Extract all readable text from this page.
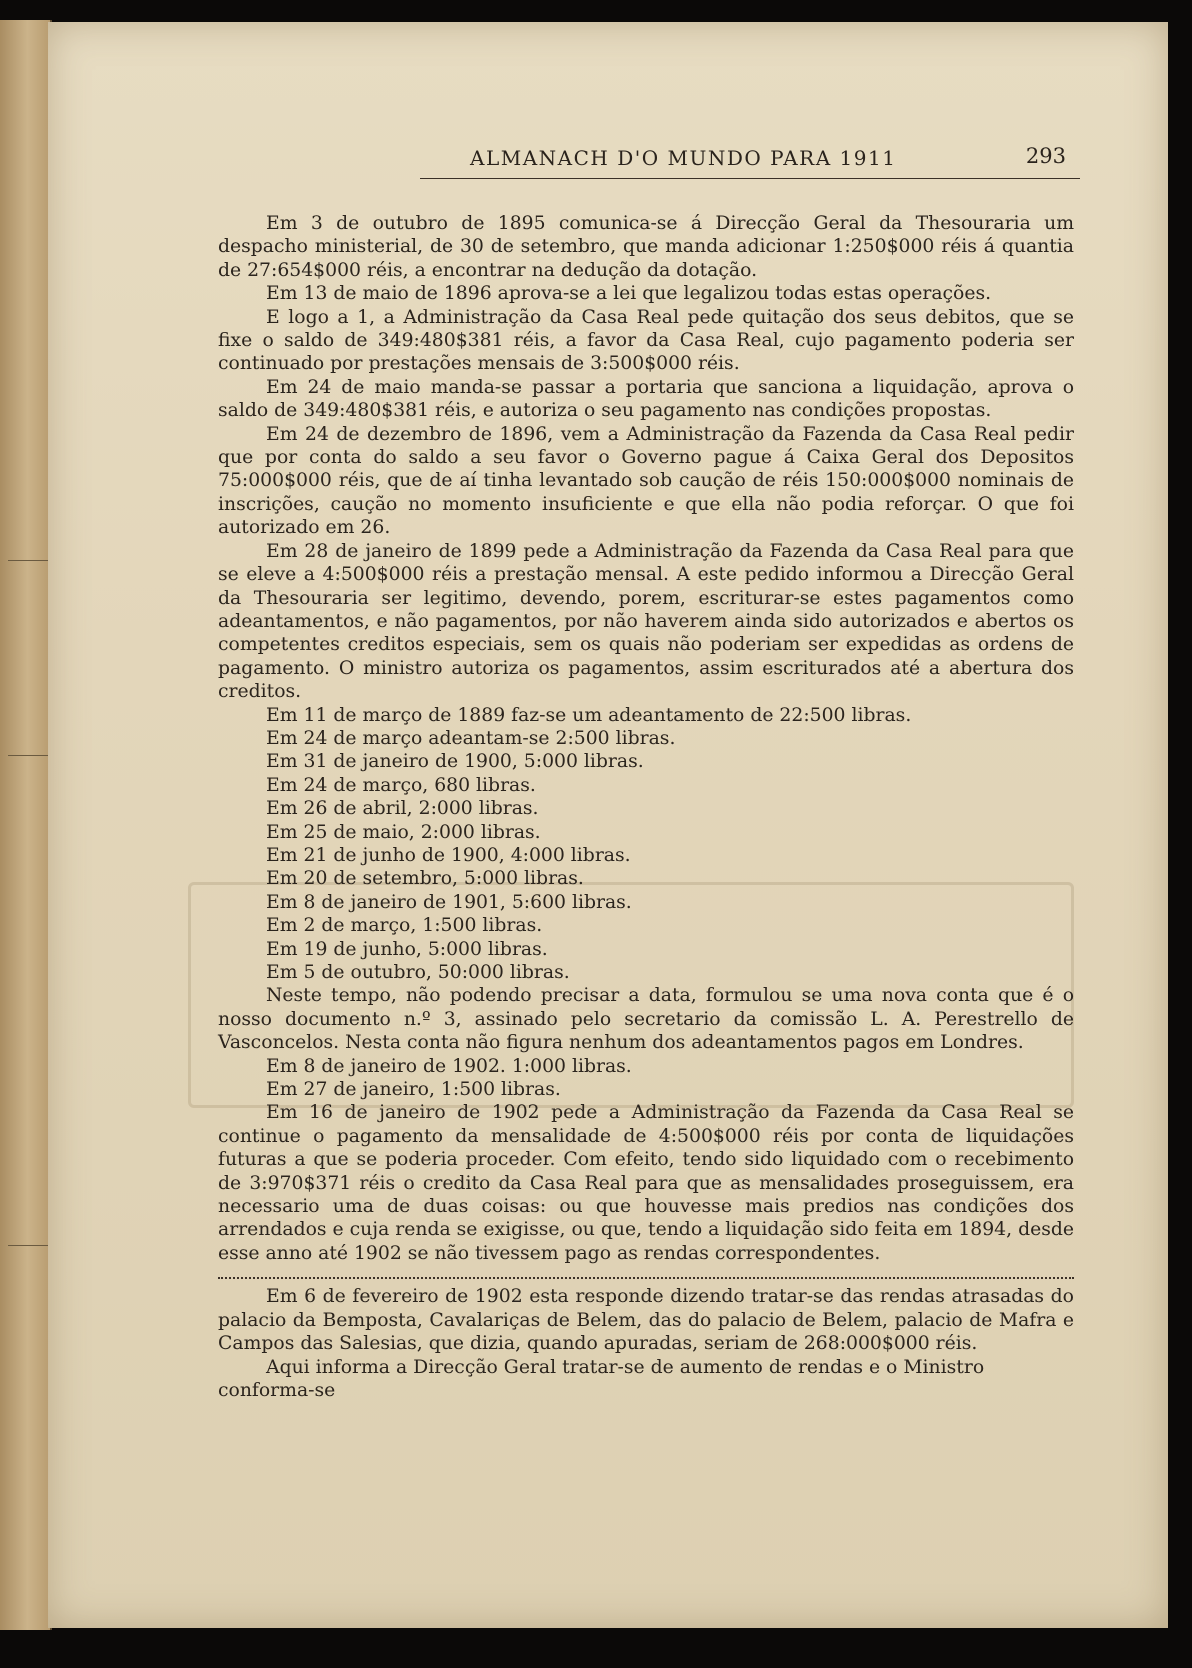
ALMANACH D'O MUNDO PARA 1911	293

Em 3 de outubro de 1895 comunica-se á Direcção Geral da Thesouraria um despacho ministerial, de 30 de setembro, que manda adicionar 1:250$000 réis á quantia de 27:654$000 réis, a encontrar na dedução da dotação.

Em 13 de maio de 1896 aprova-se a lei que legalizou todas estas operações.

E logo a 1, a Administração da Casa Real pede quitação dos seus debitos, que se fixe o saldo de 349:480$381 réis, a favor da Casa Real, cujo pagamento poderia ser continuado por prestações mensais de 3:500$000 réis.

Em 24 de maio manda-se passar a portaria que sanciona a liquidação, aprova o saldo de 349:480$381 réis, e autoriza o seu pagamento nas condições propostas.

Em 24 de dezembro de 1896, vem a Administração da Fazenda da Casa Real pedir que por conta do saldo a seu favor o Governo pague á Caixa Geral dos Depositos 75:000$000 réis, que de aí tinha levantado sob caução de réis 150:000$000 nominais de inscrições, caução no momento insuficiente e que ella não podia reforçar. O que foi autorizado em 26.

Em 28 de janeiro de 1899 pede a Administração da Fazenda da Casa Real para que se eleve a 4:500$000 réis a prestação mensal. A este pedido informou a Direcção Geral da Thesouraria ser legitimo, devendo, porem, escriturar-se estes pagamentos como adeantamentos, e não pagamentos, por não haverem ainda sido autorizados e abertos os competentes creditos especiais, sem os quais não poderiam ser expedidas as ordens de pagamento. O ministro autoriza os pagamentos, assim escriturados até a abertura dos creditos.

Em 11 de março de 1889 faz-se um adeantamento de 22:500 libras.

Em 24 de março adeantam-se 2:500 libras.

Em 31 de janeiro de 1900, 5:000 libras.

Em 24 de março, 680 libras.

Em 26 de abril, 2:000 libras.

Em 25 de maio, 2:000 libras.

Em 21 de junho de 1900, 4:000 libras.

Em 20 de setembro, 5:000 libras.

Em 8 de janeiro de 1901, 5:600 libras.

Em 2 de março, 1:500 libras.

Em 19 de junho, 5:000 libras.

Em 5 de outubro, 50:000 libras.

Neste tempo, não podendo precisar a data, formulou se uma nova conta que é o nosso documento n.º 3, assinado pelo secretario da comissão L. A. Perestrello de Vasconcelos. Nesta conta não figura nenhum dos adeantamentos pagos em Londres.

Em 8 de janeiro de 1902. 1:000 libras.

Em 27 de janeiro, 1:500 libras.

Em 16 de janeiro de 1902 pede a Administração da Fazenda da Casa Real se continue o pagamento da mensalidade de 4:500$000 réis por conta de liquidações futuras a que se poderia proceder. Com efeito, tendo sido liquidado com o recebimento de 3:970$371 réis o credito da Casa Real para que as mensalidades proseguissem, era necessario uma de duas coisas: ou que houvesse mais predios nas condições dos arrendados e cuja renda se exigisse, ou que, tendo a liquidação sido feita em 1894, desde esse anno até 1902 se não tivessem pago as rendas correspondentes.

Em 6 de fevereiro de 1902 esta responde dizendo tratar-se das rendas atrasadas do palacio da Bemposta, Cavalariças de Belem, das do palacio de Belem, palacio de Mafra e Campos das Salesias, que dizia, quando apuradas, seriam de 268:000$000 réis.

Aqui informa a Direcção Geral tratar-se de aumento de rendas e o Ministro conforma-se
